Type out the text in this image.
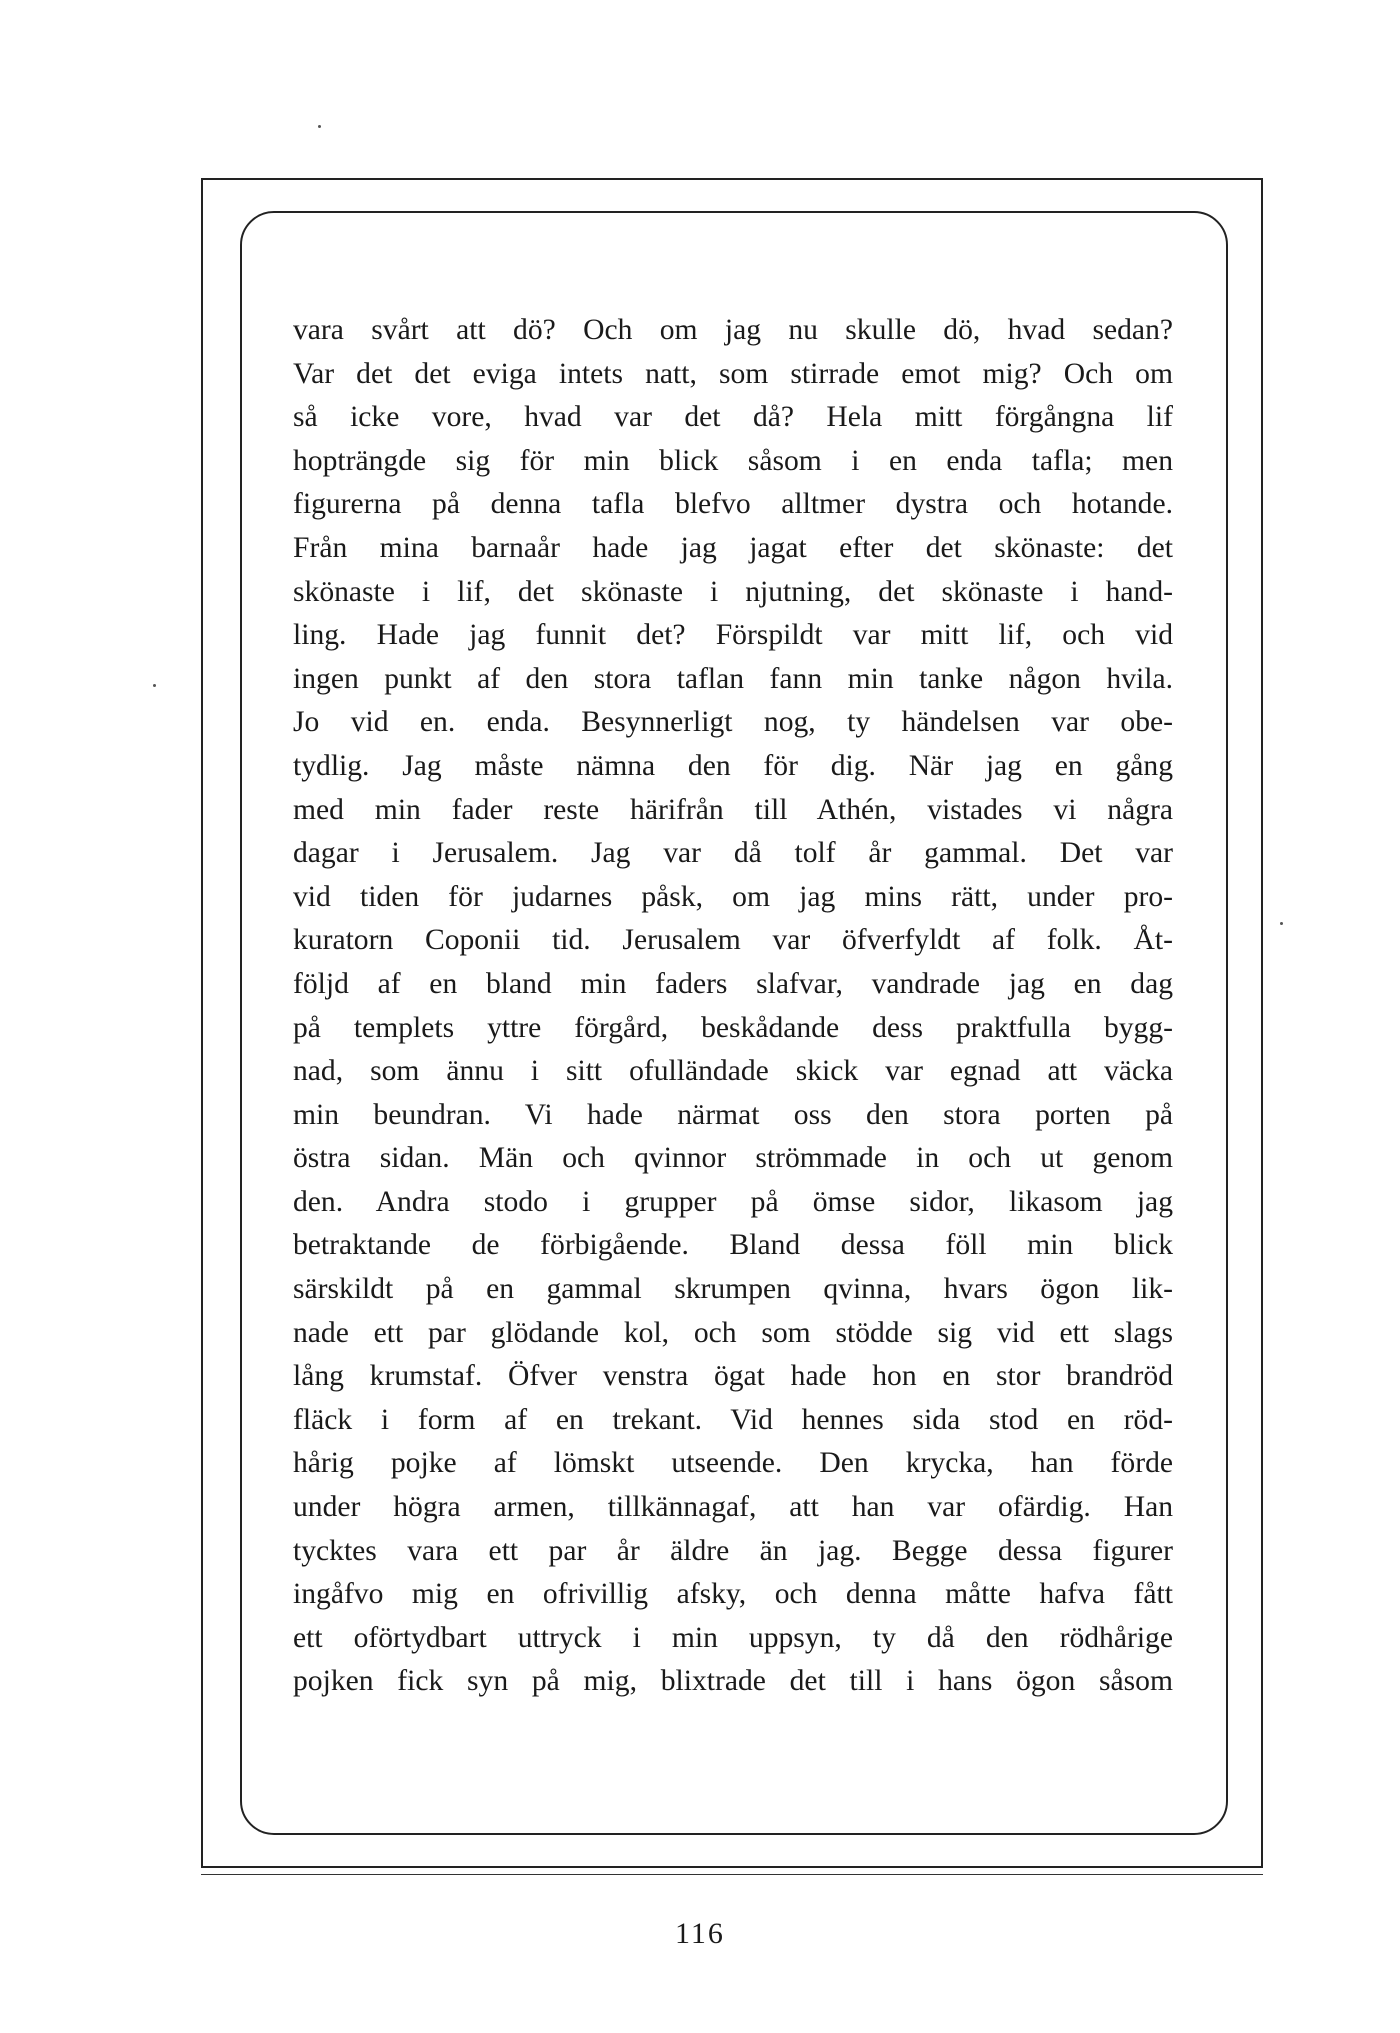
vara svårt att dö? Och om jag nu skulle dö, hvad sedan?
Var det det eviga intets natt, som stirrade emot mig? Och om
så icke vore, hvad var det då? Hela mitt förgångna lif
hopträngde sig för min blick såsom i en enda tafla; men
figurerna på denna tafla blefvo alltmer dystra och hotande.
Från mina barnaår hade jag jagat efter det skönaste: det
skönaste i lif, det skönaste i njutning, det skönaste i hand-
ling. Hade jag funnit det? Förspildt var mitt lif, och vid
ingen punkt af den stora taflan fann min tanke någon hvila.
Jo vid en. enda. Besynnerligt nog, ty händelsen var obe-
tydlig. Jag måste nämna den för dig. När jag en gång
med min fader reste härifrån till Athén, vistades vi några
dagar i Jerusalem. Jag var då tolf år gammal. Det var
vid tiden för judarnes påsk, om jag mins rätt, under pro-
kuratorn Coponii tid. Jerusalem var öfverfyldt af folk. Åt-
följd af en bland min faders slafvar, vandrade jag en dag
på templets yttre förgård, beskådande dess praktfulla bygg-
nad, som ännu i sitt ofulländade skick var egnad att väcka
min beundran. Vi hade närmat oss den stora porten på
östra sidan. Män och qvinnor strömmade in och ut genom
den. Andra stodo i grupper på ömse sidor, likasom jag
betraktande de förbigående. Bland dessa föll min blick
särskildt på en gammal skrumpen qvinna, hvars ögon lik-
nade ett par glödande kol, och som stödde sig vid ett slags
lång krumstaf. Öfver venstra ögat hade hon en stor brandröd
fläck i form af en trekant. Vid hennes sida stod en röd-
hårig pojke af lömskt utseende. Den krycka, han förde
under högra armen, tillkännagaf, att han var ofärdig. Han
tycktes vara ett par år äldre än jag. Begge dessa figurer
ingåfvo mig en ofrivillig afsky, och denna måtte hafva fått
ett oförtydbart uttryck i min uppsyn, ty då den rödhårige
pojken fick syn på mig, blixtrade det till i hans ögon såsom
116
